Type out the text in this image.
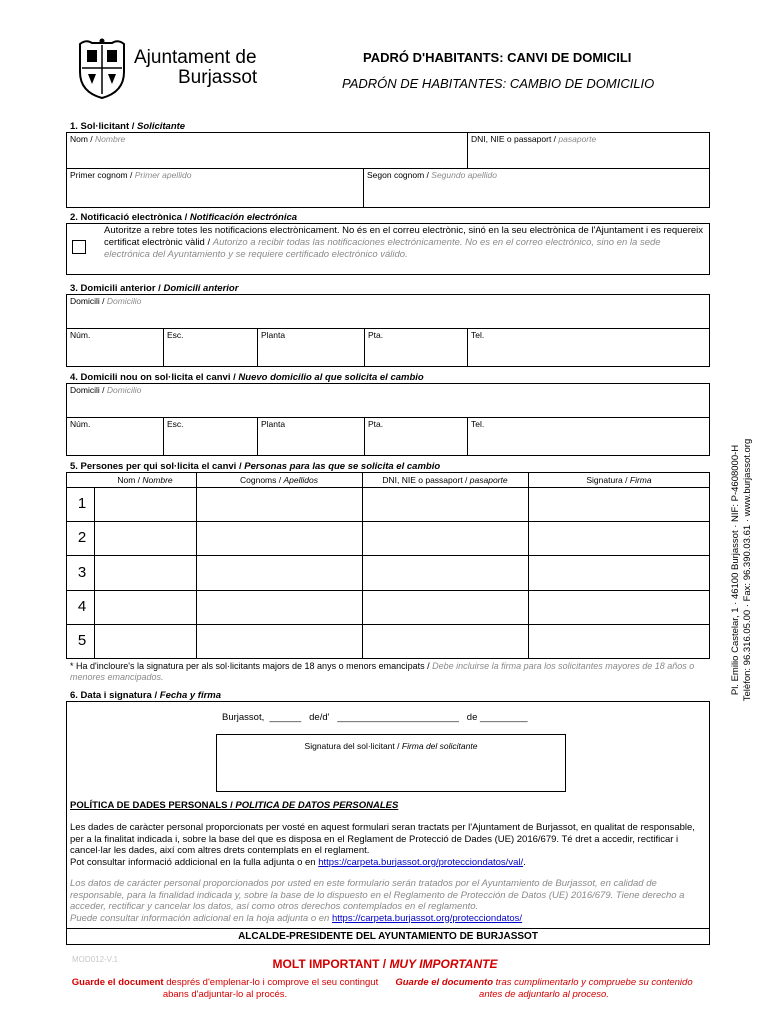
Ajuntament de
Burjassot
PADRÓ D'HABITANTS: CANVI DE DOMICILI
PADRÓN DE HABITANTES: CAMBIO DE DOMICILIO
1. Sol·licitant / Solicitante
Nom / Nombre	DNI, NIE o passaport / pasaporte
Primer cognom / Primer apellido	Segon cognom / Segundo apellido
2. Notificació electrònica / Notificación electrónica
Autoritze a rebre totes les notificacions electrònicament. No és en el correu electrònic, sinó en la seu electrònica de l'Ajuntament i es requereix certificat electrònic vàlid / Autorizo a recibir todas las notificaciones electrónicamente. No es en el correo electrónico, sino en la sede electrónica del Ayuntamiento y se requiere certificado electrónico válido.
3. Domicili anterior / Domicili anterior
Domicili / Domicilio
Núm.	Esc.	Planta	Pta.	Tel.
4. Domicili nou on sol·licita el canvi / Nuevo domicilio al que solicita el cambio
Domicili / Domicilio
Núm.	Esc.	Planta	Pta.	Tel.
5. Persones per qui sol·licita el canvi / Personas para las que se solicita el cambio
Nom / Nombre	Cognoms / Apellidos	DNI, NIE o passaport / pasaporte	Signatura / Firma
1
2
3
4
5
* Ha d'incloure's la signatura per als sol·licitants majors de 18 anys o menors emancipats / Debe incluirse la firma para los solicitantes mayores de 18 años o menores emancipados.
6. Data i signatura / Fecha y firma
Burjassot,  ______   de/d'   _______________________   de _________
Signatura del sol·licitant / Firma del solicitante
POLÍTICA DE DADES PERSONALS / POLITICA DE DATOS PERSONALES
Les dades de caràcter personal proporcionats per vosté en aquest formulari seran tractats per l'Ajuntament de Burjassot, en qualitat de responsable, per a la finalitat indicada i, sobre la base del que es disposa en el Reglament de Protecció de Dades (UE) 2016/679. Té dret a accedir, rectificar i cancel·lar les dades, així com altres drets contemplats en el reglament.
Pot consultar informació addicional en la fulla adjunta o en https://carpeta.burjassot.org/protecciondatos/val/.
Los datos de carácter personal proporcionados por usted en este formulario serán tratados por el Ayuntamiento de Burjassot, en calidad de responsable, para la finalidad indicada y, sobre la base de lo dispuesto en el Reglamento de Protección de Datos (UE) 2016/679. Tiene derecho a acceder, rectificar y cancelar los datos, así como otros derechos contemplados en el reglamento.
Puede consultar información adicional en la hoja adjunta o en https://carpeta.burjassot.org/protecciondatos/
ALCALDE-PRESIDENTE DEL AYUNTAMIENTO DE BURJASSOT
MOD012-V.1	MOLT IMPORTANT / MUY IMPORTANTE
Guarde el document després d'emplenar-lo i comprove el seu contingut abans d'adjuntar-lo al procés.
Guarde el documento tras cumplimentarlo y compruebe su contenido antes de adjuntarlo al proceso.
Pl. Emilio Castelar, 1 · 46100 Burjassot · NIF: P-4608000-H Telèfon: 96.316.05.00 · Fax: 96.390.03.61 · www.burjassot.org
